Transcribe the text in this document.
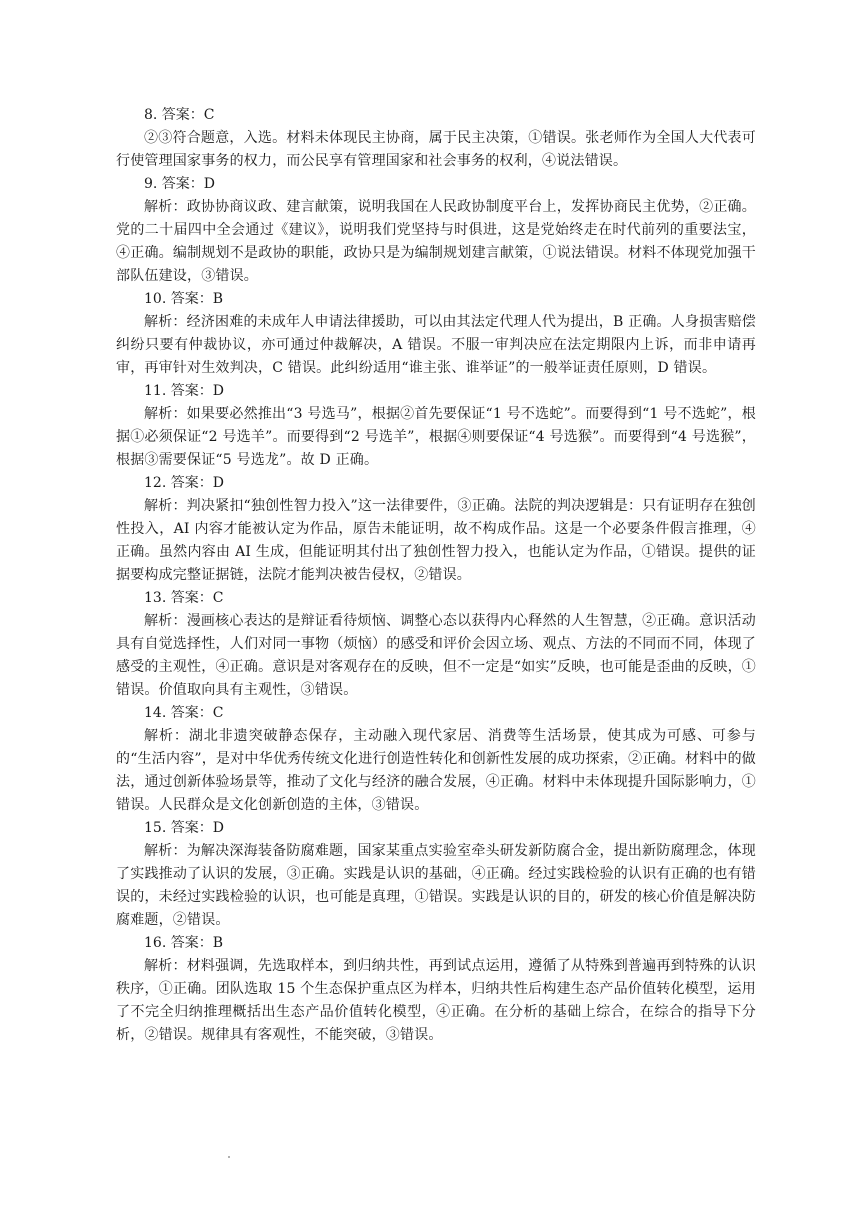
8. 答案：C

②③符合题意，入选。材料未体现民主协商，属于民主决策，①错误。张老师作为全国人大代表可行使管理国家事务的权力，而公民享有管理国家和社会事务的权利，④说法错误。

9. 答案：D

解析：政协协商议政、建言献策，说明我国在人民政协制度平台上，发挥协商民主优势，②正确。党的二十届四中全会通过《建议》，说明我们党坚持与时俱进，这是党始终走在时代前列的重要法宝，④正确。编制规划不是政协的职能，政协只是为编制规划建言献策，①说法错误。材料不体现党加强干部队伍建设，③错误。

10. 答案：B

解析：经济困难的未成年人申请法律援助，可以由其法定代理人代为提出，B 正确。人身损害赔偿纠纷只要有仲裁协议，亦可通过仲裁解决，A 错误。不服一审判决应在法定期限内上诉，而非申请再审，再审针对生效判决，C 错误。此纠纷适用“谁主张、谁举证”的一般举证责任原则，D 错误。

11. 答案：D

解析：如果要必然推出“3 号选马”，根据②首先要保证“1 号不选蛇”。而要得到“1 号不选蛇”，根据①必须保证“2 号选羊”。而要得到“2 号选羊”，根据④则要保证“4 号选猴”。而要得到“4 号选猴”，根据③需要保证“5 号选龙”。故 D 正确。

12. 答案：D

解析：判决紧扣“独创性智力投入”这一法律要件，③正确。法院的判决逻辑是：只有证明存在独创性投入，AI 内容才能被认定为作品，原告未能证明，故不构成作品。这是一个必要条件假言推理，④正确。虽然内容由 AI 生成，但能证明其付出了独创性智力投入，也能认定为作品，①错误。提供的证据要构成完整证据链，法院才能判决被告侵权，②错误。

13. 答案：C

解析：漫画核心表达的是辩证看待烦恼、调整心态以获得内心释然的人生智慧，②正确。意识活动具有自觉选择性，人们对同一事物（烦恼）的感受和评价会因立场、观点、方法的不同而不同，体现了感受的主观性，④正确。意识是对客观存在的反映，但不一定是“如实”反映，也可能是歪曲的反映，①错误。价值取向具有主观性，③错误。

14. 答案：C

解析：湖北非遗突破静态保存，主动融入现代家居、消费等生活场景，使其成为可感、可参与的“生活内容”，是对中华优秀传统文化进行创造性转化和创新性发展的成功探索，②正确。材料中的做法，通过创新体验场景等，推动了文化与经济的融合发展，④正确。材料中未体现提升国际影响力，①错误。人民群众是文化创新创造的主体，③错误。

15. 答案：D

解析：为解决深海装备防腐难题，国家某重点实验室牵头研发新防腐合金，提出新防腐理念，体现了实践推动了认识的发展，③正确。实践是认识的基础，④正确。经过实践检验的认识有正确的也有错误的，未经过实践检验的认识，也可能是真理，①错误。实践是认识的目的，研发的核心价值是解决防腐难题，②错误。

16. 答案：B

解析：材料强调，先选取样本，到归纳共性，再到试点运用，遵循了从特殊到普遍再到特殊的认识秩序，①正确。团队选取 15 个生态保护重点区为样本，归纳共性后构建生态产品价值转化模型，运用了不完全归纳推理概括出生态产品价值转化模型，④正确。在分析的基础上综合，在综合的指导下分析，②错误。规律具有客观性，不能突破，③错误。
